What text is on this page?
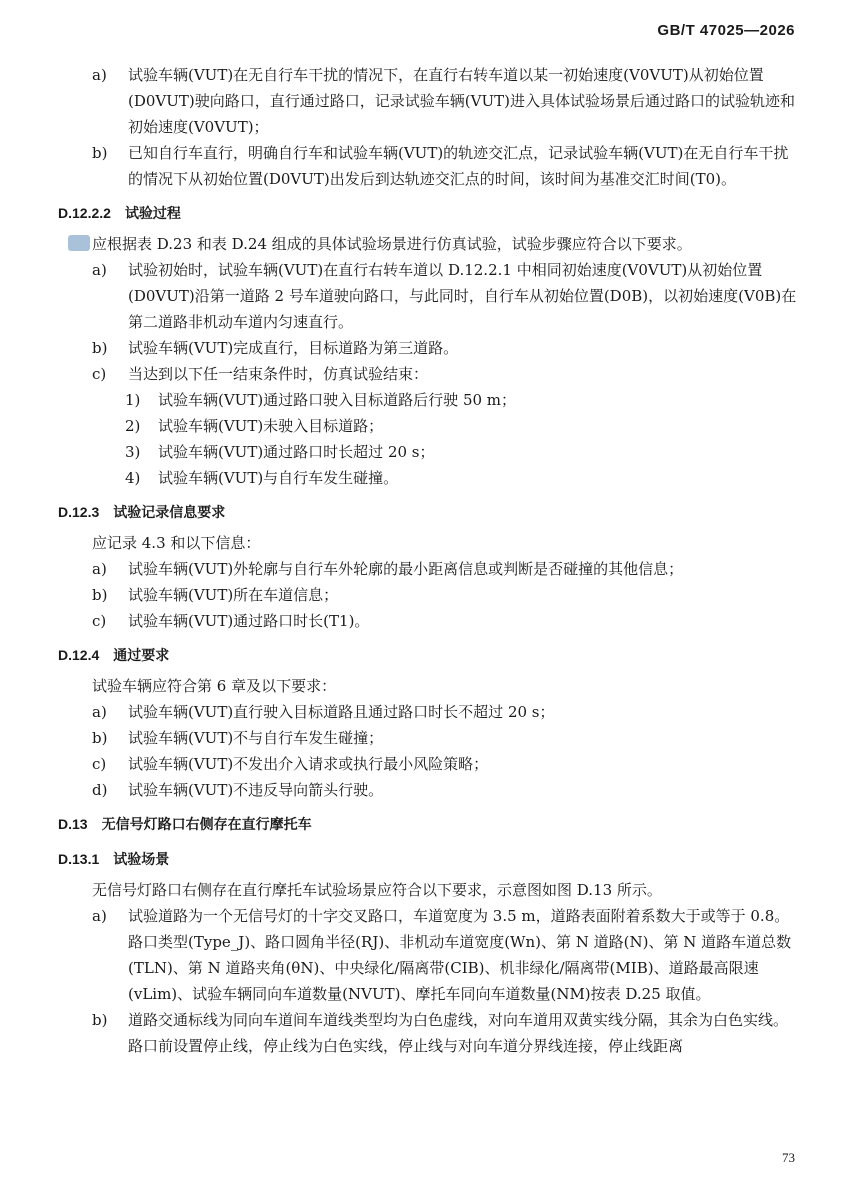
GB/T 47025—2026
a) 试验车辆(VUT)在无自行车干扰的情况下，在直行右转车道以某一初始速度(V0VUT)从初始位置(D0VUT)驶向路口，直行通过路口，记录试验车辆(VUT)进入具体试验场景后通过路口的试验轨迹和初始速度(V0VUT)；
b) 已知自行车直行，明确自行车和试验车辆(VUT)的轨迹交汇点，记录试验车辆(VUT)在无自行车干扰的情况下从初始位置(D0VUT)出发后到达轨迹交汇点的时间，该时间为基准交汇时间(T0)。
D.12.2.2 试验过程
应根据表 D.23 和表 D.24 组成的具体试验场景进行仿真试验，试验步骤应符合以下要求。
a) 试验初始时，试验车辆(VUT)在直行右转车道以 D.12.2.1 中相同初始速度(V0VUT)从初始位置(D0VUT)沿第一道路 2 号车道驶向路口，与此同时，自行车从初始位置(D0B)，以初始速度(V0B)在第二道路非机动车道内匀速直行。
b) 试验车辆(VUT)完成直行，目标道路为第三道路。
c) 当达到以下任一结束条件时，仿真试验结束：
1) 试验车辆(VUT)通过路口驶入目标道路后行驶 50 m；
2) 试验车辆(VUT)未驶入目标道路；
3) 试验车辆(VUT)通过路口时长超过 20 s；
4) 试验车辆(VUT)与自行车发生碰撞。
D.12.3 试验记录信息要求
应记录 4.3 和以下信息：
a) 试验车辆(VUT)外轮廓与自行车外轮廓的最小距离信息或判断是否碰撞的其他信息；
b) 试验车辆(VUT)所在车道信息；
c) 试验车辆(VUT)通过路口时长(T1)。
D.12.4 通过要求
试验车辆应符合第 6 章及以下要求：
a) 试验车辆(VUT)直行驶入目标道路且通过路口时长不超过 20 s；
b) 试验车辆(VUT)不与自行车发生碰撞；
c) 试验车辆(VUT)不发出介入请求或执行最小风险策略；
d) 试验车辆(VUT)不违反导向箭头行驶。
D.13 无信号灯路口右侧存在直行摩托车
D.13.1 试验场景
无信号灯路口右侧存在直行摩托车试验场景应符合以下要求，示意图如图 D.13 所示。
a) 试验道路为一个无信号灯的十字交叉路口，车道宽度为 3.5 m，道路表面附着系数大于或等于 0.8。路口类型(Type_J)、路口圆角半径(RJ)、非机动车道宽度(Wn)、第 N 道路(N)、第 N 道路车道总数(TLN)、第 N 道路夹角(θN)、中央绿化/隔离带(CIB)、机非绿化/隔离带(MIB)、道路最高限速(vLim)、试验车辆同向车道数量(NVUT)、摩托车同向车道数量(NM)按表 D.25 取值。
b) 道路交通标线为同向车道间车道线类型均为白色虚线，对向车道用双黄实线分隔，其余为白色实线。路口前设置停止线，停止线为白色实线，停止线与对向车道分界线连接，停止线距离
73
